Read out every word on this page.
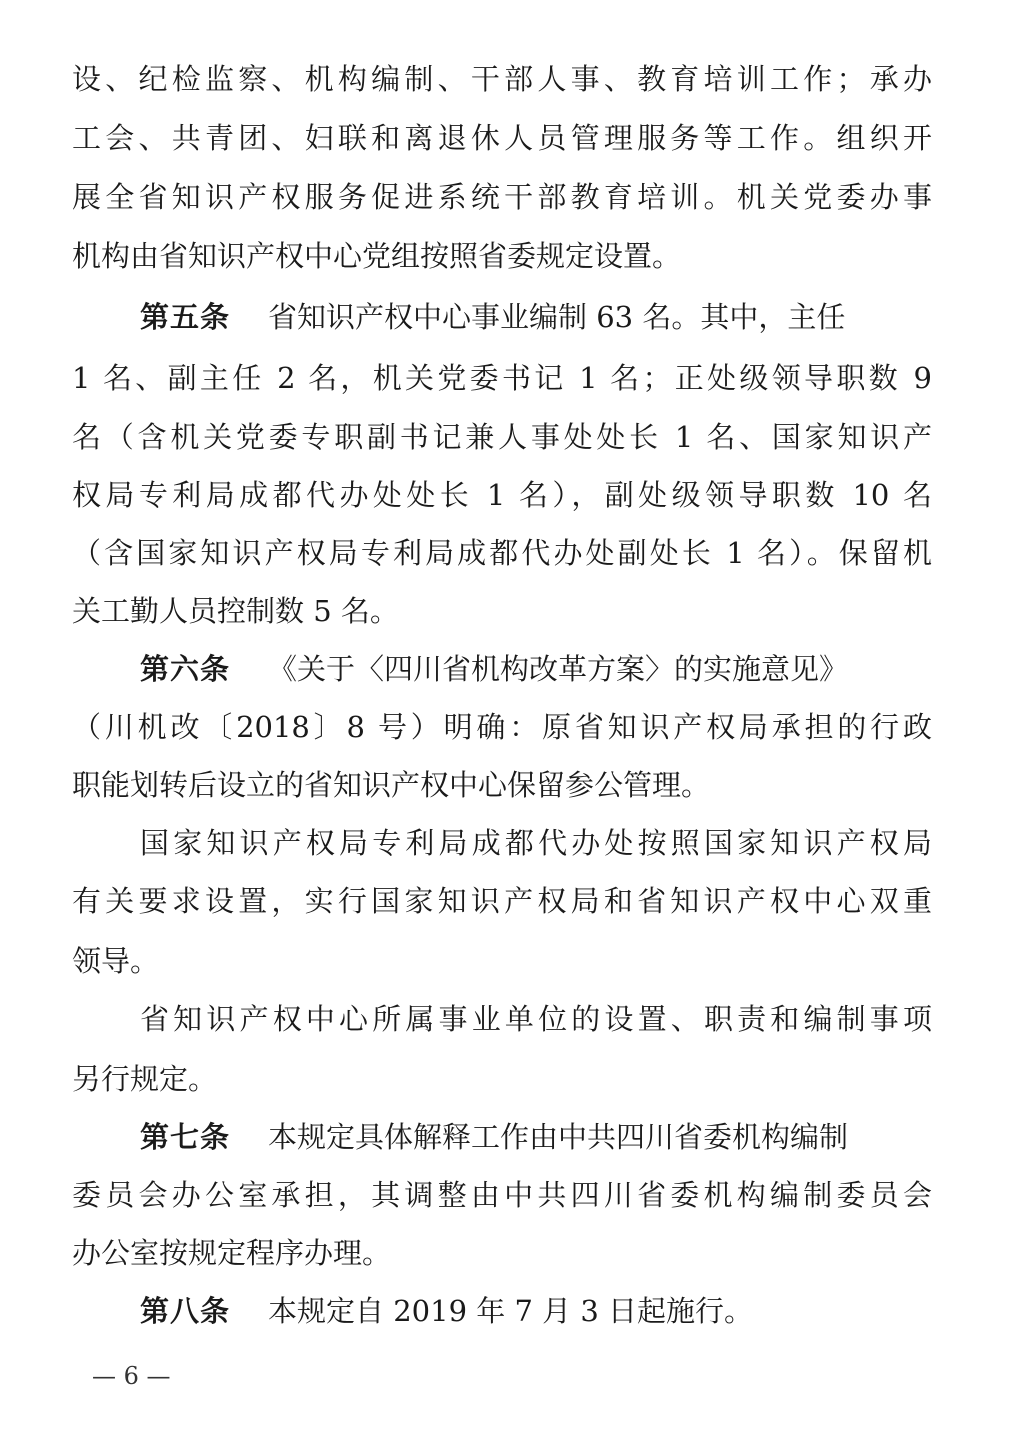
设、纪检监察、机构编制、干部人事、教育培训工作；承办
工会、共青团、妇联和离退休人员管理服务等工作。组织开
展全省知识产权服务促进系统干部教育培训。机关党委办事
机构由省知识产权中心党组按照省委规定设置。
第五条 省知识产权中心事业编制 63 名。其中，主任
1 名、副主任 2 名，机关党委书记 1 名；正处级领导职数 9
名（含机关党委专职副书记兼人事处处长 1 名、国家知识产
权局专利局成都代办处处长 1 名），副处级领导职数 10 名
（含国家知识产权局专利局成都代办处副处长 1 名）。保留机
关工勤人员控制数 5 名。
第六条 《关于〈四川省机构改革方案〉的实施意见》
（川机改〔2018〕8 号）明确：原省知识产权局承担的行政
职能划转后设立的省知识产权中心保留参公管理。
国家知识产权局专利局成都代办处按照国家知识产权局
有关要求设置，实行国家知识产权局和省知识产权中心双重
领导。
省知识产权中心所属事业单位的设置、职责和编制事项
另行规定。
第七条 本规定具体解释工作由中共四川省委机构编制
委员会办公室承担，其调整由中共四川省委机构编制委员会
办公室按规定程序办理。
第八条 本规定自 2019 年 7 月 3 日起施行。
— 6 —
